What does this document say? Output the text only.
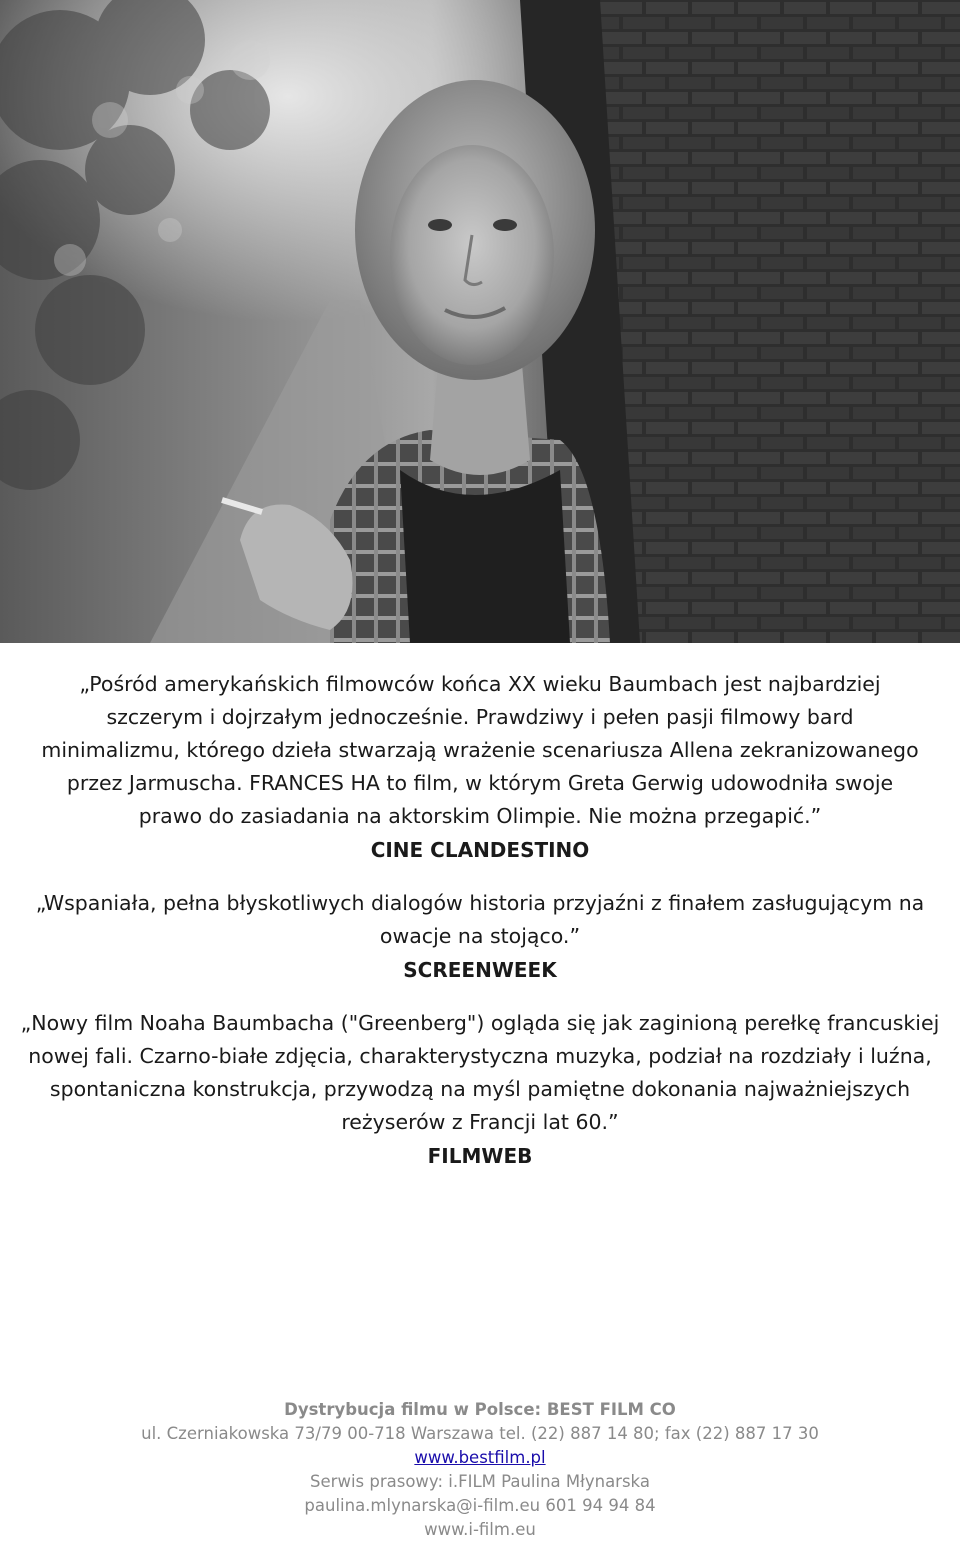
„Pośród amerykańskich filmowców końca XX wieku Baumbach jest najbardziej szczerym i dojrzałym jednocześnie. Prawdziwy i pełen pasji filmowy bard minimalizmu, którego dzieła stwarzają wrażenie scenariusza Allena zekranizowanego przez Jarmuscha. FRANCES HA to film, w którym Greta Gerwig udowodniła swoje prawo do zasiadania na aktorskim Olimpie. Nie można przegapić.”
CINE CLANDESTINO
„Wspaniała, pełna błyskotliwych dialogów historia przyjaźni z finałem zasługującym na owacje na stojąco.”
SCREENWEEK
„Nowy film Noaha Baumbacha ("Greenberg") ogląda się jak zaginioną perełkę francuskiej nowej fali. Czarno-białe zdjęcia, charakterystyczna muzyka, podział na rozdziały i luźna, spontaniczna konstrukcja, przywodzą na myśl pamiętne dokonania najważniejszych reżyserów z Francji lat 60.”
FILMWEB
Dystrybucja filmu w Polsce: BEST FILM CO
ul. Czerniakowska 73/79 00-718 Warszawa tel. (22) 887 14 80; fax (22) 887 17 30
www.bestfilm.pl
Serwis prasowy: i.FILM Paulina Młynarska
paulina.mlynarska@i-film.eu 601 94 94 84
www.i-film.eu
